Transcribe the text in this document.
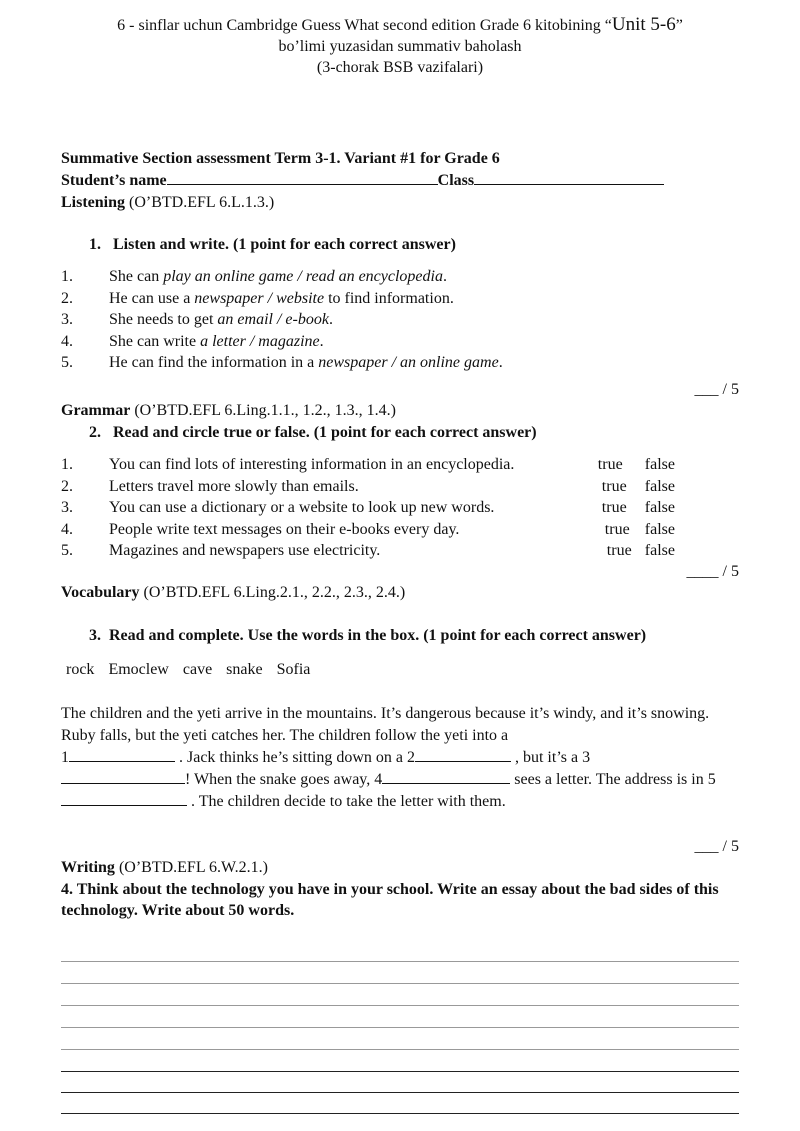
6 - sinflar uchun Cambridge Guess What second edition Grade 6 kitobining “Unit 5-6”
bo’limi yuzasidan summativ baholash
(3-chorak BSB vazifalari)
Summative Section assessment Term 3-1. Variant #1 for Grade 6
Student’s name	Class
Listening (O’BTD.EFL 6.L.1.3.)
1. Listen and write. (1 point for each correct answer)
1.	She can play an online game / read an encyclopedia.
2.	He can use a newspaper / website to find information.
3.	She needs to get an email / e-book.
4.	She can write a letter / magazine.
5.	He can find the information in a newspaper / an online game.
___ / 5
Grammar (O’BTD.EFL 6.Ling.1.1., 1.2., 1.3., 1.4.)
2. Read and circle true or false. (1 point for each correct answer)
1.	You can find lots of interesting information in an encyclopedia.	true false
2.	Letters travel more slowly than emails.	true false
3.	You can use a dictionary or a website to look up new words.	true false
4.	People write text messages on their e-books every day.	true false
5.	Magazines and newspapers use electricity.	true false
____ / 5
Vocabulary (O’BTD.EFL 6.Ling.2.1., 2.2., 2.3., 2.4.)
3. Read and complete. Use the words in the box. (1 point for each correct answer)
rock Emoclew cave snake Sofia
The children and the yeti arrive in the mountains. It’s dangerous because it’s windy, and it’s snowing. Ruby falls, but the yeti catches her. The children follow the yeti into a
1	. Jack thinks he’s sitting down on a 2	, but it’s a 3
! When the snake goes away, 4	sees a letter. The address is in 5 . The children decide to take the letter with them.
___ / 5
Writing (O’BTD.EFL 6.W.2.1.)
4. Think about the technology you have in your school. Write an essay about the bad sides of this technology. Write about 50 words.
